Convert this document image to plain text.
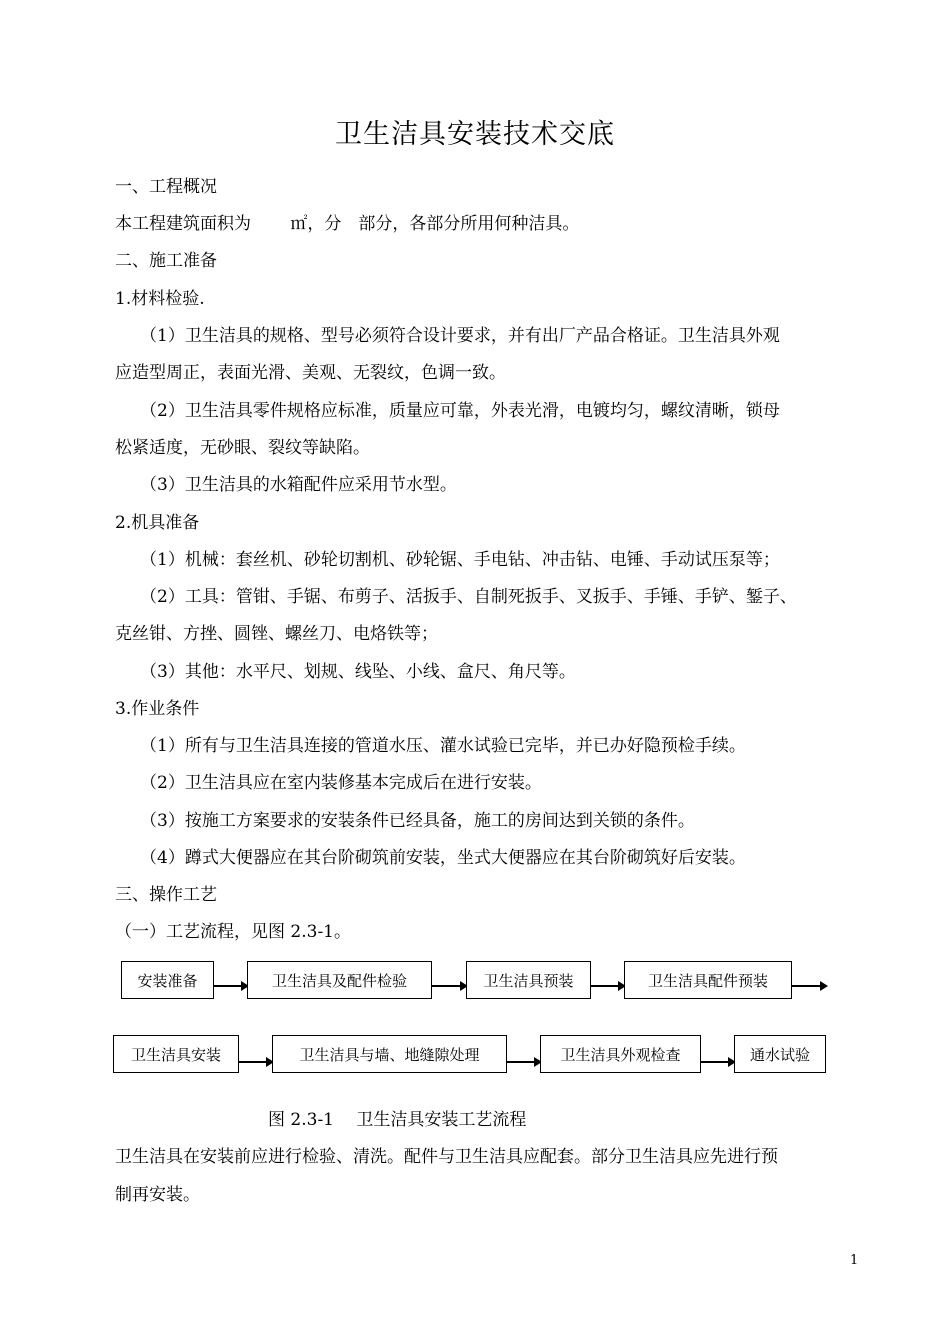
卫生洁具安装技术交底
一、工程概况
本工程建筑面积为　　 ㎡，分　部分，各部分所用何种洁具。
二、施工准备
1.材料检验.
（1）卫生洁具的规格、型号必须符合设计要求，并有出厂产品合格证。卫生洁具外观
应造型周正，表面光滑、美观、无裂纹，色调一致。
（2）卫生洁具零件规格应标准，质量应可靠，外表光滑，电镀均匀，螺纹清晰，锁母
松紧适度，无砂眼、裂纹等缺陷。
（3）卫生洁具的水箱配件应采用节水型。
2.机具准备
（1）机械：套丝机、砂轮切割机、砂轮锯、手电钻、冲击钻、电锤、手动试压泵等；
（2）工具：管钳、手锯、布剪子、活扳手、自制死扳手、叉扳手、手锤、手铲、錾子、
克丝钳、方挫、圆锉、螺丝刀、电烙铁等；
（3）其他：水平尺、划规、线坠、小线、盒尺、角尺等。
3.作业条件
（1）所有与卫生洁具连接的管道水压、灌水试验已完毕，并已办好隐预检手续。
（2）卫生洁具应在室内装修基本完成后在进行安装。
（3）按施工方案要求的安装条件已经具备，施工的房间达到关锁的条件。
（4）蹲式大便器应在其台阶砌筑前安装，坐式大便器应在其台阶砌筑好后安装。
三、操作工艺
（一）工艺流程，见图 2.3-1。
安装准备	卫生洁具及配件检验	卫生洁具预装	卫生洁具配件预装
卫生洁具安装	卫生洁具与墙、地缝隙处理	卫生洁具外观检查	通水试验
图 2.3-1　 卫生洁具安装工艺流程
卫生洁具在安装前应进行检验、清洗。配件与卫生洁具应配套。部分卫生洁具应先进行预
制再安装。
1
